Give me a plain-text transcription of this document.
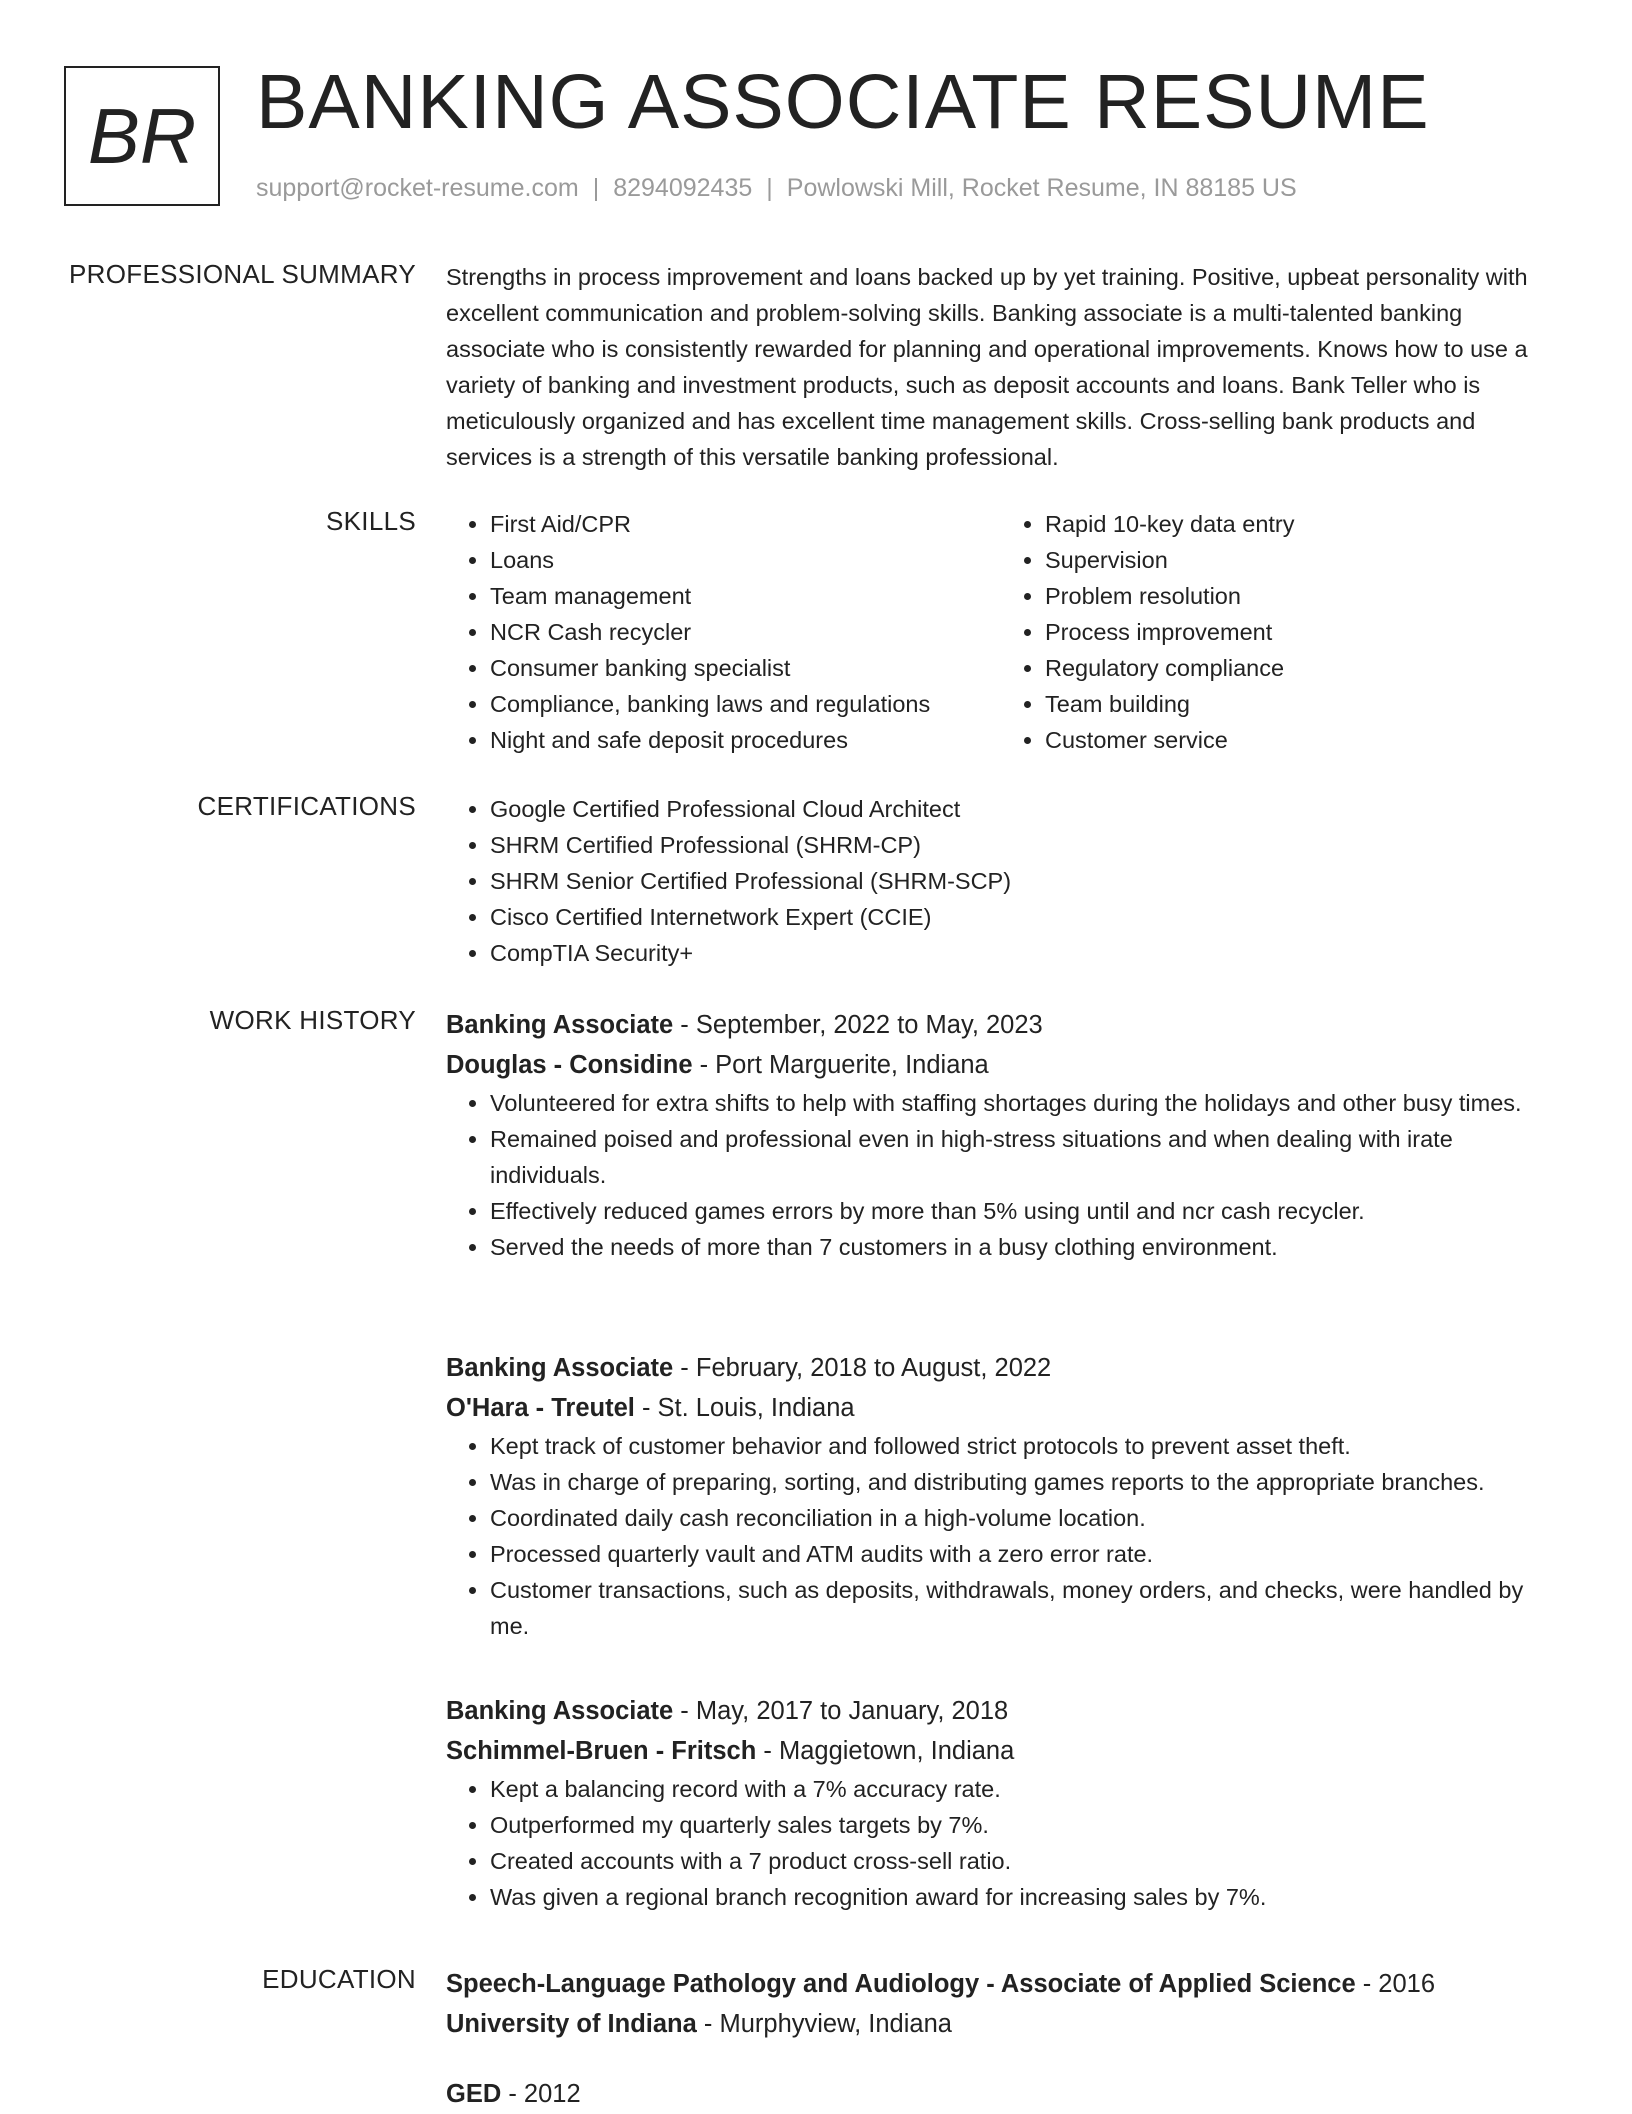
BR BANKING ASSOCIATE RESUME
support@rocket-resume.com | 8294092435 | Powlowski Mill, Rocket Resume, IN 88185 US
PROFESSIONAL SUMMARY Strengths in process improvement and loans backed up by yet training. Positive, upbeat personality with excellent communication and problem-solving skills. Banking associate is a multi-talented banking associate who is consistently rewarded for planning and operational improvements. Knows how to use a variety of banking and investment products, such as deposit accounts and loans. Bank Teller who is meticulously organized and has excellent time management skills. Cross-selling bank products and services is a strength of this versatile banking professional.

SKILLS	• First Aid/CPR
• Loans
• Team management
• NCR Cash recycler
• Consumer banking specialist
• Compliance, banking laws and regulations
• Night and safe deposit procedures
• Rapid 10-key data entry
• Supervision
• Problem resolution
• Process improvement
• Regulatory compliance
• Team building
• Customer service
CERTIFICATIONS	• Google Certified Professional Cloud Architect
• SHRM Certified Professional (SHRM-CP)
• SHRM Senior Certified Professional (SHRM-SCP)
• Cisco Certified Internetwork Expert (CCIE)
• CompTIA Security+
WORK HISTORY Banking Associate - September, 2022 to May, 2023
Douglas - Considine - Port Marguerite, Indiana
• Volunteered for extra shifts to help with staffing shortages during the holidays and other busy times.
• Remained poised and professional even in high-stress situations and when dealing with irate individuals.
• Effectively reduced games errors by more than 5% using until and ncr cash recycler.
• Served the needs of more than 7 customers in a busy clothing environment.
Banking Associate - February, 2018 to August, 2022
O'Hara - Treutel - St. Louis, Indiana
• Kept track of customer behavior and followed strict protocols to prevent asset theft.
• Was in charge of preparing, sorting, and distributing games reports to the appropriate branches.
• Coordinated daily cash reconciliation in a high-volume location.
• Processed quarterly vault and ATM audits with a zero error rate.
• Customer transactions, such as deposits, withdrawals, money orders, and checks, were handled by me.
Banking Associate - May, 2017 to January, 2018
Schimmel-Bruen - Fritsch - Maggietown, Indiana
• Kept a balancing record with a 7% accuracy rate.
• Outperformed my quarterly sales targets by 7%.
• Created accounts with a 7 product cross-sell ratio.
• Was given a regional branch recognition award for increasing sales by 7%.
EDUCATION Speech-Language Pathology and Audiology - Associate of Applied Science - 2016
University of Indiana - Murphyview, Indiana
GED - 2012
